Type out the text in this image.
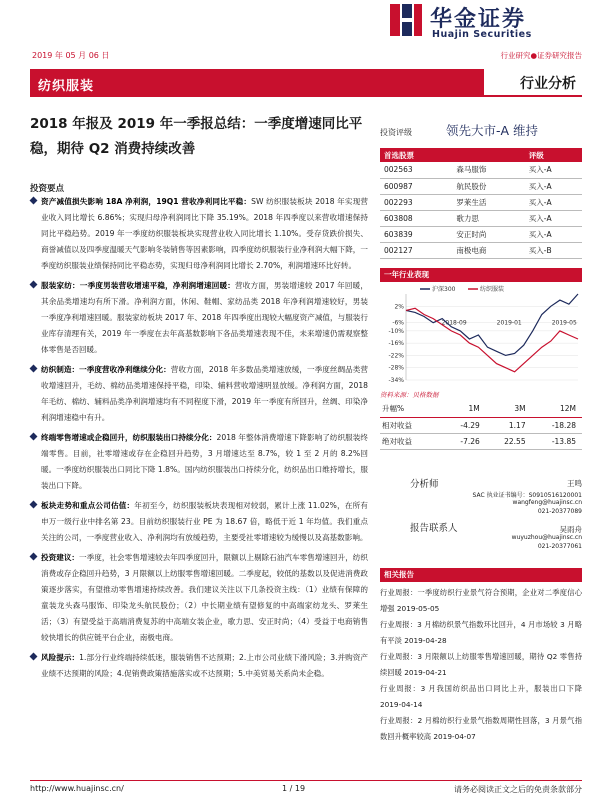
华金证券
Huajin Securities
2019 年 05 月 06 日	行业研究●证券研究报告
纺织服装	行业分析
2018 年报及 2019 年一季报总结：一季度增速同比平稳，期待 Q2 消费持续改善
投资要点
资产减值损失影响 18A 净利润，19Q1 营收净利同比平稳：SW 纺织服装板块 2018 年实现营业收入同比增长 6.86%；实现归母净利润同比下降 35.19%。2018 年四季度以来营收增速保持同比平稳趋势。2019 年一季度纺织服装板块实现营业收入同比增长 1.10%。受存货跌价损失、商誉减值以及四季度温暖天气影响冬装销售等因素影响，四季度纺织服装行业净利润大幅下降，一季度纺织服装业绩保持同比平稳态势，实现归母净利润同比增长 2.70%，利润增速环比好转。
服装家纺：一季度男装营收增速平稳，净利润增速回暖：营收方面，男装增速较 2017 年回暖，其余品类增速均有所下滑。净利润方面，休闲、鞋帽、家纺品类 2018 年净利润增速较好，男装一季度净利增速回暖。服装家纺板块 2017 年、2018 年四季度出现较大幅度资产减值，与服装行业库存清理有关，2019 年一季度在去年高基数影响下各品类增速表现不佳，未来增速仍需观察整体零售是否回暖。
纺织制造：一季度营收净利继续分化：营收方面，2018 年多数品类增速放缓，一季度丝绸品类营收增速回升，毛纺、棉纺品类增速保持平稳，印染、辅料营收增速明显放缓。净利润方面，2018 年毛纺、棉纺、辅料品类净利润增速均有不同程度下滑，2019 年一季度有所回升，丝绸、印染净利润增速稳中有升。
终端零售增速或企稳回升，纺织服装出口持续分化：2018 年整体消费增速下降影响了纺织服装终端零售。目前，社零增速或存在企稳回升趋势，3 月增速达至 8.7%，较 1 至 2 月的 8.2%回暖。一季度纺织服装出口同比下降 1.8%。国内纺织服装出口持续分化，纺织品出口维持增长，服装出口下降。
板块走势和重点公司估值：年初至今，纺织服装板块表现相对较弱，累计上涨 11.02%，在所有申万一级行业中排名第 23。目前纺织服装行业 PE 为 18.67 倍，略低于近 1 年均值。我们重点关注的公司，一季度营业收入、净利润均有放缓趋势，主要受社零增速较为缓慢以及高基数影响。
投资建议：一季度，社会零售增速较去年四季度回升，限额以上剔除石油汽车零售增速回升，纺织消费或存企稳回升趋势，3 月限额以上纺服零售增速回暖。二季度起，较低的基数以及促进消费政策逐步落实，有望推动零售增速持续改善。我们建议关注以下几条投资主线：（1）业绩有保障的童装龙头森马服饰、印染龙头航民股份；（2）中长期业绩有望修复的中高端家纺龙头、罗莱生活；（3）有望受益于高端消费复苏的中高端女装企业，歌力思、安正时尚；（4）受益于电商销售较快增长的供应链平台企业，南极电商。
风险提示：1.部分行业终端持续低迷，服装销售不达预期；2.上市公司业绩下滑风险；3.并购资产业绩不达预期的风险；4.促销费政策措施落实或不达预期；5.中美贸易关系尚未企稳。
投资评级	领先大市-A 维持
首选股票		评级
002563	森马服饰	买入-A
600987	航民股份	买入-A
002293	罗莱生活	买入-A
603808	歌力思	买入-A
603839	安正时尚	买入-A
002127	南极电商	买入-B
一年行业表现
2%
-6%
-10%
-16%
-22%
-28%
-34%
2018-09	2019-01	2019-05
沪深300	纺织服装
资料来源：贝格数据
升幅%	1M	3M	12M
相对收益	-4.29	1.17	-18.28
绝对收益	-7.26	22.55	-13.85
分析师	王鸣
SAC 执业证书编号：S0910516120001
wangfeng@huajinsc.cn
021-20377089
报告联系人	吴雨舟
wuyuzhou@huajinsc.cn
021-20377061
相关报告
行业周报：一季度纺织行业景气符合预期，企业对二季度信心增强 2019-05-05
行业周报：3 月棉纺织景气指数环比回升，4 月市场较 3 月略有平淡 2019-04-28
行业周报：3 月限额以上纺服零售增速回暖，期待 Q2 零售持续回暖 2019-04-21
行业周报：3 月我国纺织品出口同比上升，服装出口下降 2019-04-14
行业周报：2 月棉纺织行业景气指数周期性回落，3 月景气指数回升概率较高 2019-04-07
http://www.huajinsc.cn/	1 / 19	请务必阅读正文之后的免责条款部分
